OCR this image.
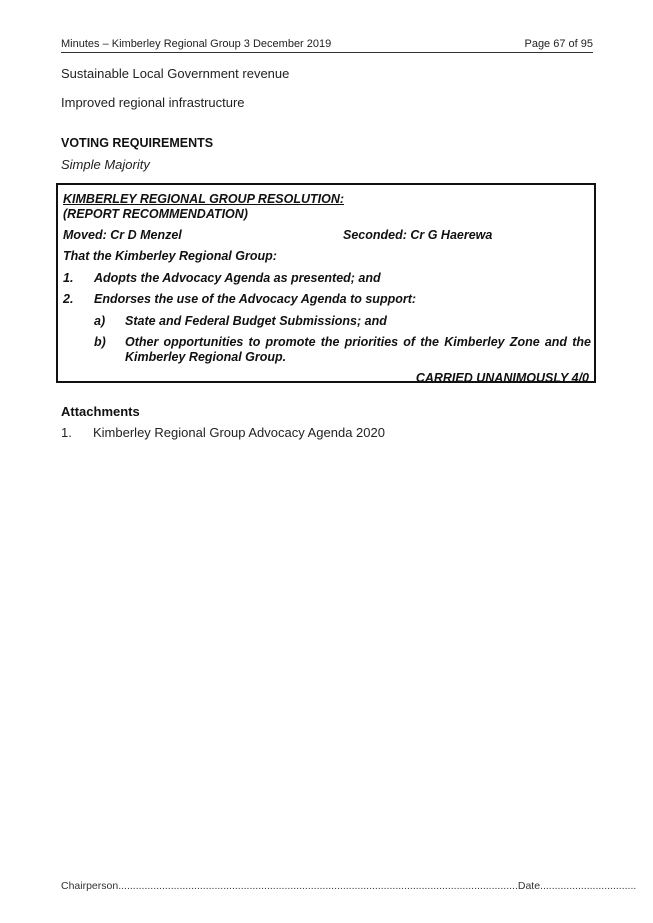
Minutes – Kimberley Regional Group 3 December 2019	Page 67 of 95
Sustainable Local Government revenue
Improved regional infrastructure
VOTING REQUIREMENTS
Simple Majority
KIMBERLEY REGIONAL GROUP RESOLUTION:
(REPORT RECOMMENDATION)
Moved: Cr D Menzel	Seconded: Cr G Haerewa
That the Kimberley Regional Group:
1. Adopts the Advocacy Agenda as presented; and
2. Endorses the use of the Advocacy Agenda to support:
a) State and Federal Budget Submissions; and
b) Other opportunities to promote the priorities of the Kimberley Zone and the Kimberley Regional Group.
CARRIED UNANIMOUSLY 4/0
Attachments
1. Kimberley Regional Group Advocacy Agenda 2020
Chairperson.........................................................................................................................................Date.................................
